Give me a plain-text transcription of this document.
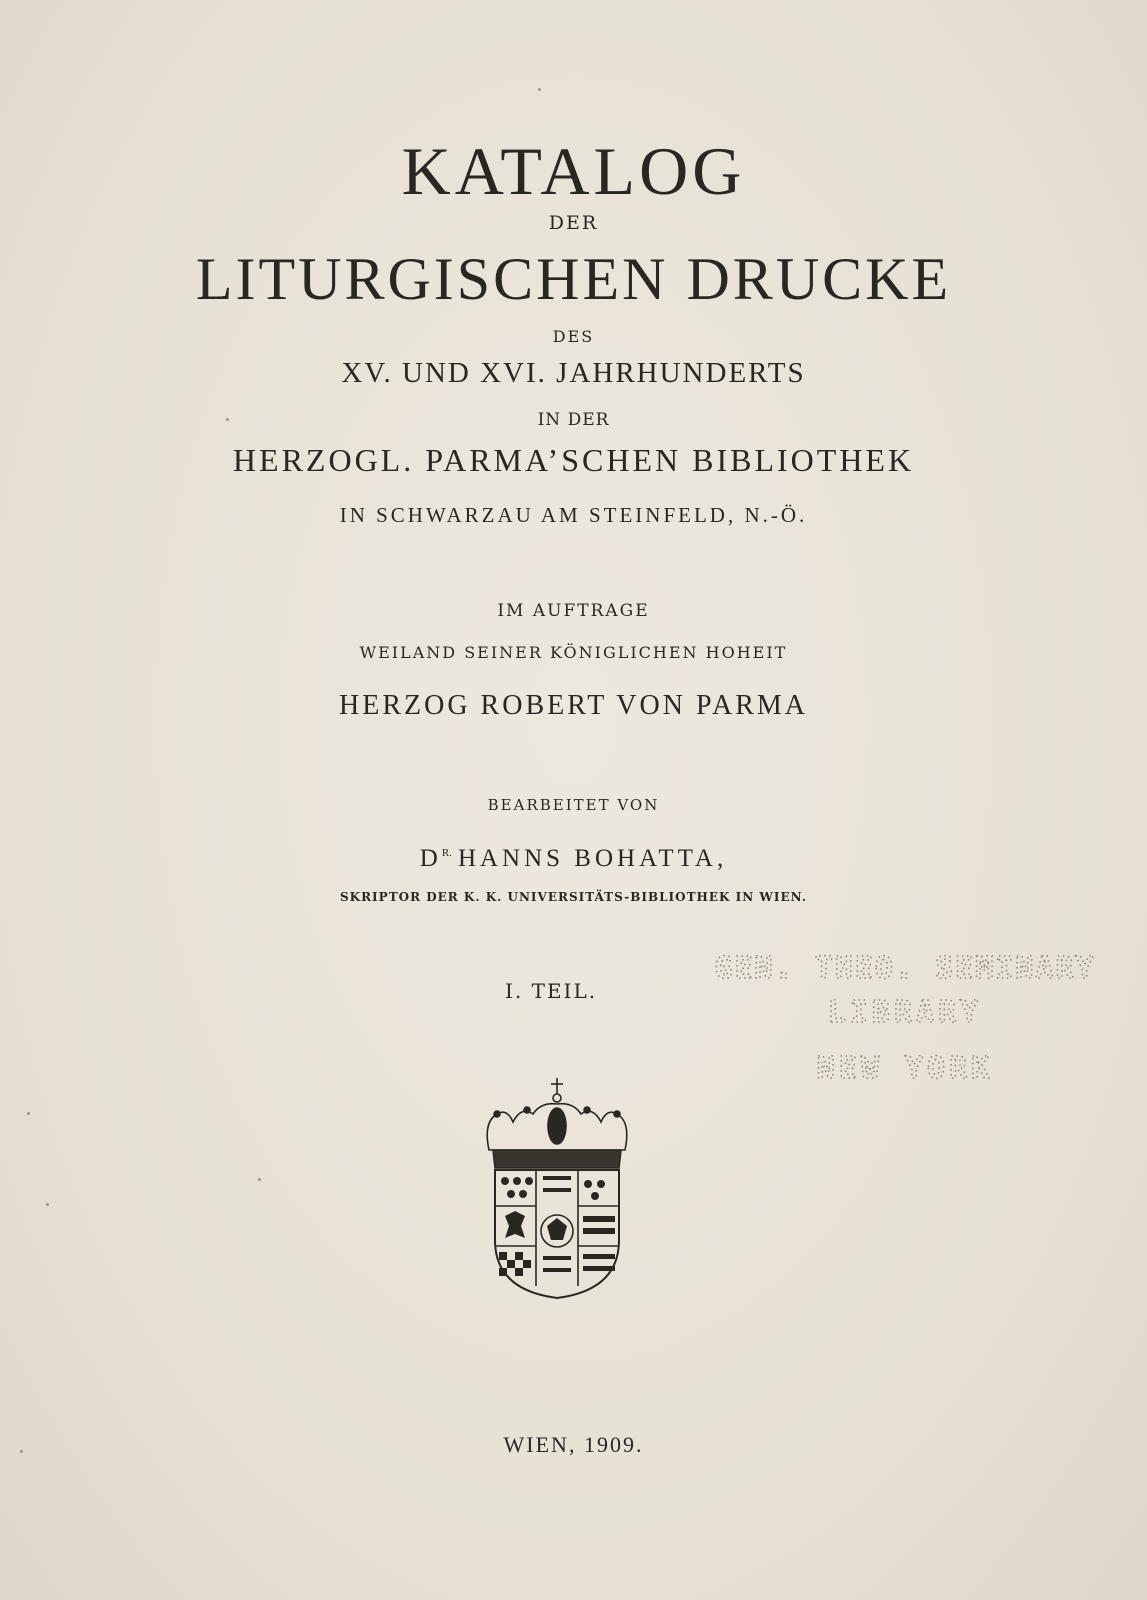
KATALOG
DER
LITURGISCHEN DRUCKE
DES
XV. UND XVI. JAHRHUNDERTS
IN DER
HERZOGL. PARMA’SCHEN BIBLIOTHEK
IN SCHWARZAU AM STEINFELD, N.-Ö.
IM AUFTRAGE
WEILAND SEINER KÖNIGLICHEN HOHEIT
HERZOG ROBERT VON PARMA
BEARBEITET VON
$D^{R.}$ HANNS BOHATTA,
SKRIPTOR DER K. K. UNIVERSITÄTS-BIBLIOTHEK IN WIEN.
I. TEIL.
GEN. THEO. SEMINARY
LIBRARY
NEW YORK
WIEN, 1909.
